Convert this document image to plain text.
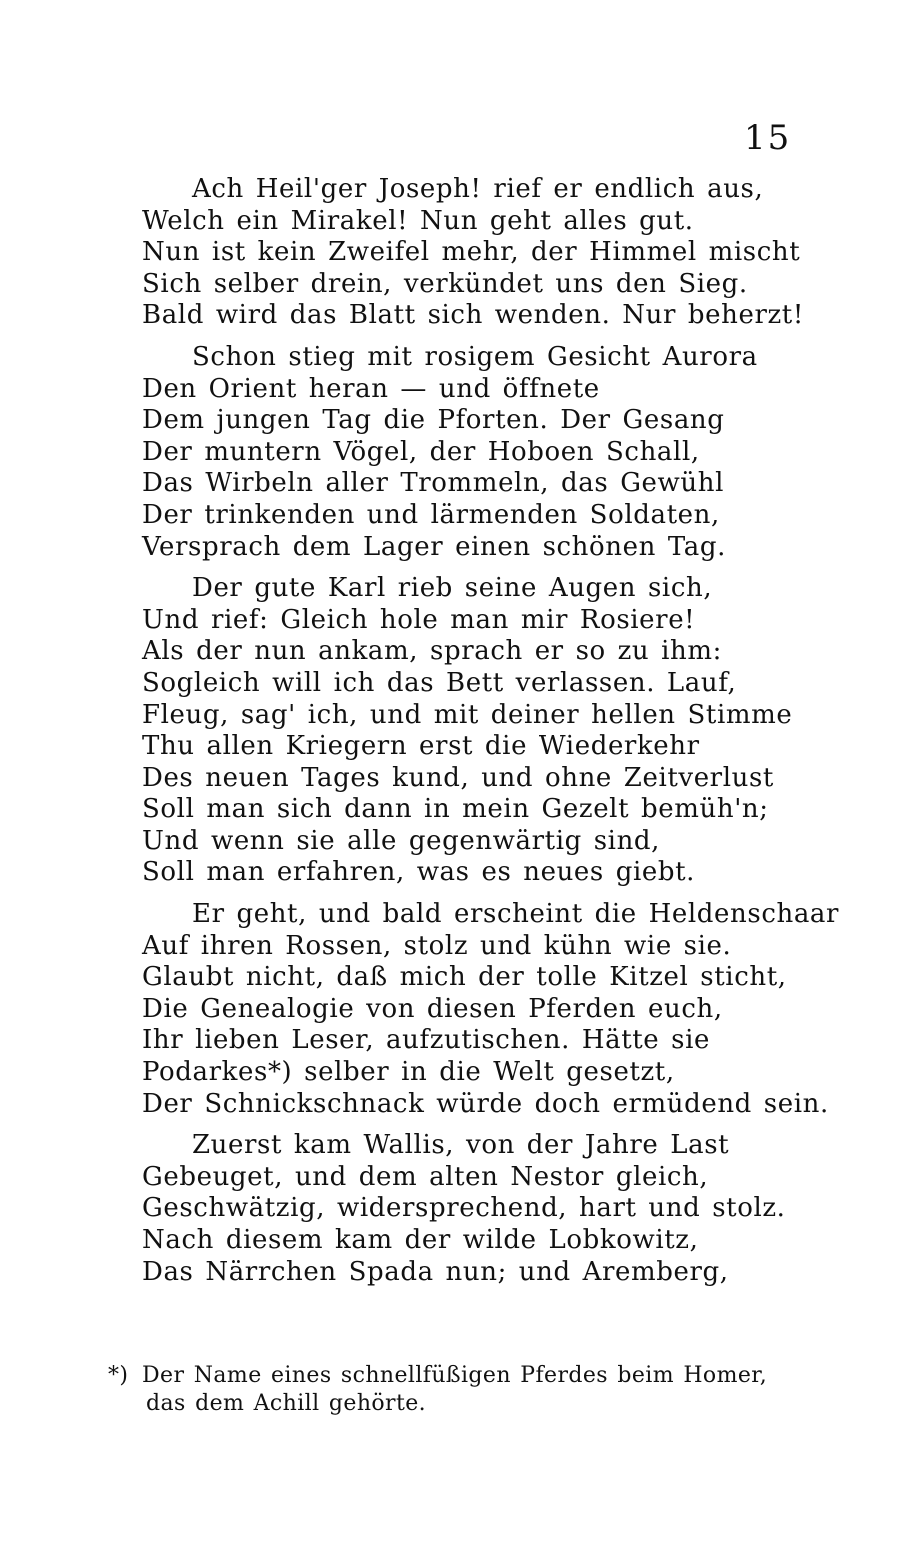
15
Ach Heil'ger Joseph! rief er endlich aus,
Welch ein Mirakel! Nun geht alles gut.
Nun ist kein Zweifel mehr, der Himmel mischt
Sich selber drein, verkündet uns den Sieg.
Bald wird das Blatt sich wenden. Nur beherzt!
Schon stieg mit rosigem Gesicht Aurora
Den Orient heran — und öffnete
Dem jungen Tag die Pforten. Der Gesang
Der muntern Vögel, der Hoboen Schall,
Das Wirbeln aller Trommeln, das Gewühl
Der trinkenden und lärmenden Soldaten,
Versprach dem Lager einen schönen Tag.
Der gute Karl rieb seine Augen sich,
Und rief: Gleich hole man mir Rosiere!
Als der nun ankam, sprach er so zu ihm:
Sogleich will ich das Bett verlassen. Lauf,
Fleug, sag' ich, und mit deiner hellen Stimme
Thu allen Kriegern erst die Wiederkehr
Des neuen Tages kund, und ohne Zeitverlust
Soll man sich dann in mein Gezelt bemüh'n;
Und wenn sie alle gegenwärtig sind,
Soll man erfahren, was es neues giebt.
Er geht, und bald erscheint die Heldenschaar
Auf ihren Rossen, stolz und kühn wie sie.
Glaubt nicht, daß mich der tolle Kitzel sticht,
Die Genealogie von diesen Pferden euch,
Ihr lieben Leser, aufzutischen. Hätte sie
Podarkes*) selber in die Welt gesetzt,
Der Schnickschnack würde doch ermüdend sein.
Zuerst kam Wallis, von der Jahre Last
Gebeuget, und dem alten Nestor gleich,
Geschwätzig, widersprechend, hart und stolz.
Nach diesem kam der wilde Lobkowitz,
Das Närrchen Spada nun; und Aremberg,
*) Der Name eines schnellfüßigen Pferdes beim Homer,
das dem Achill gehörte.
